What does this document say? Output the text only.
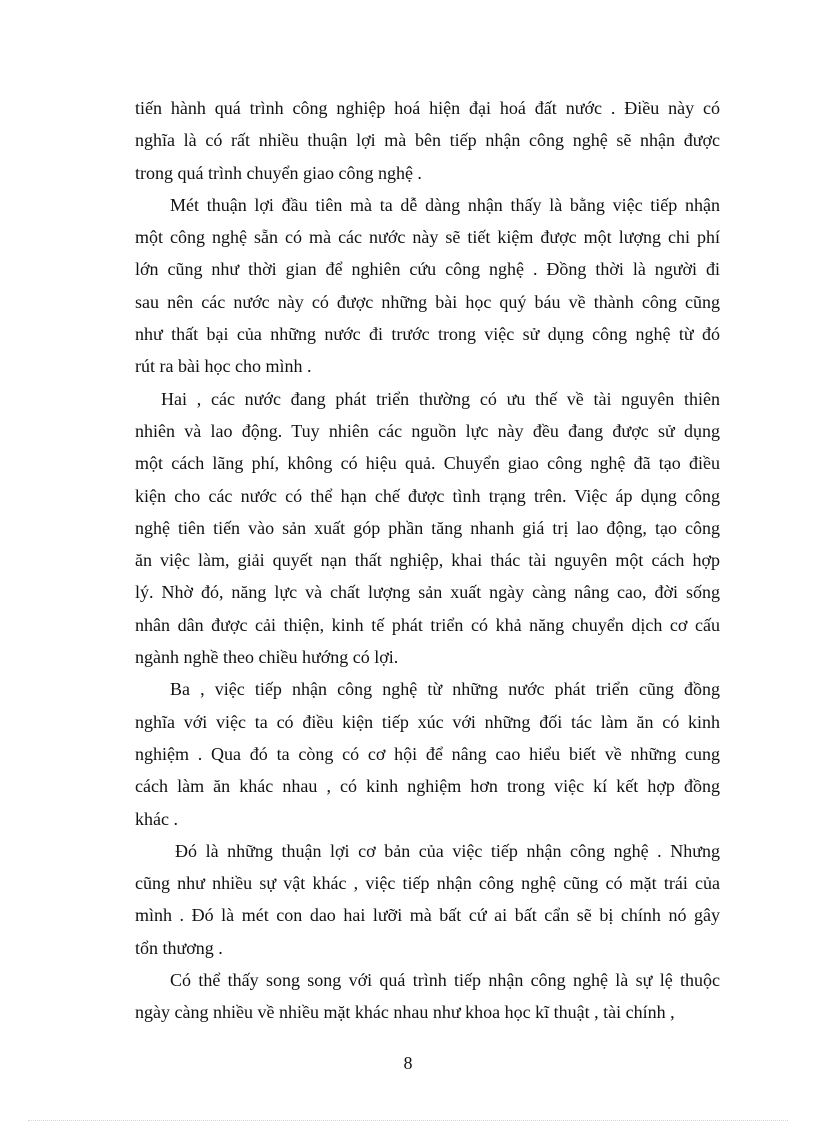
tiến hành quá trình công nghiệp hoá hiện đại hoá đất nước . Điều này có
nghĩa là có rất nhiều thuận lợi mà bên tiếp nhận công nghệ sẽ nhận được
trong quá trình chuyển giao công nghệ .

Mét thuận lợi đầu tiên mà ta dễ dàng nhận thấy là bằng việc tiếp nhận
một công nghệ sẵn có mà các nước này sẽ tiết kiệm được một lượng chi phí
lớn cũng như thời gian để nghiên cứu công nghệ . Đồng thời là người đi
sau nên các nước này có được những bài học quý báu về thành công cũng
như thất bại của những nước đi trước trong việc sử dụng công nghệ từ đó
rút ra bài học cho mình .

Hai , các nước đang phát triển thường có ưu thế về tài nguyên thiên
nhiên và lao động. Tuy nhiên các nguồn lực này đều đang được sử dụng
một cách lãng phí, không có hiệu quả. Chuyển giao công nghệ đã tạo điều
kiện cho các nước có thể hạn chế được tình trạng trên. Việc áp dụng công
nghệ tiên tiến vào sản xuất góp phần tăng nhanh giá trị lao động, tạo công
ăn việc làm, giải quyết nạn thất nghiệp, khai thác tài nguyên một cách hợp
lý. Nhờ đó, năng lực và chất lượng sản xuất ngày càng nâng cao, đời sống
nhân dân được cải thiện, kinh tế phát triển có khả năng chuyển dịch cơ cấu
ngành nghề theo chiều hướng có lợi.

Ba , việc tiếp nhận công nghệ từ những nước phát triển cũng đồng
nghĩa với việc ta có điều kiện tiếp xúc với những đối tác làm ăn có kinh
nghiệm . Qua đó ta còng có cơ hội để nâng cao hiểu biết về những cung
cách làm ăn khác nhau , có kinh nghiệm hơn trong việc kí kết hợp đồng
khác .

Đó là những thuận lợi cơ bản của việc tiếp nhận công nghệ . Nhưng
cũng như nhiều sự vật khác , việc tiếp nhận công nghệ cũng có mặt trái của
mình . Đó là mét con dao hai lưỡi mà bất cứ ai bất cẩn sẽ bị chính nó gây
tổn thương .

Có thể thấy song song với quá trình tiếp nhận công nghệ là sự lệ thuộc
ngày càng nhiều về nhiều mặt khác nhau như khoa học kĩ thuật , tài chính ,

8
